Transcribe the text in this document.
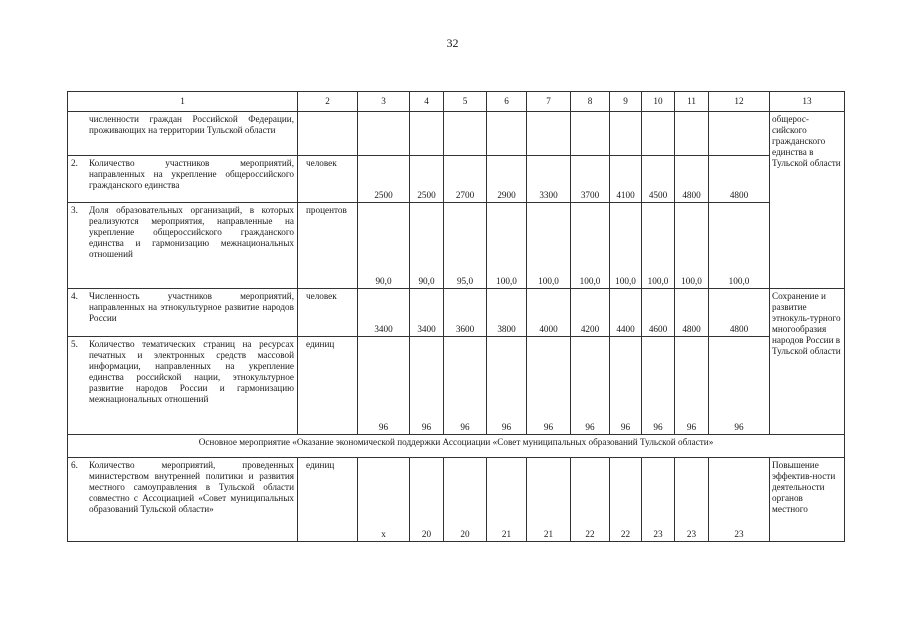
32
1	2	3	4	5	6	7	8	9	10	11	12	13

численности граждан Российской Федерации, проживающих на территории Тульской области												общерос-сийского гражданского единства в Тульской области

2. Количество участников мероприятий, направленных на укрепление общероссийского гражданского единства	человек	2500	2500	2700	2900	3300	3700	4100	4500	4800	4800	

3. Доля образовательных организаций, в которых реализуются мероприятия, направленные на укрепление общероссийского гражданского единства и гармонизацию межнациональных отношений	процентов	90,0	90,0	95,0	100,0	100,0	100,0	100,0	100,0	100,0	100,0	

4. Численность участников мероприятий, направленных на этнокультурное развитие народов России	человек	3400	3400	3600	3800	4000	4200	4400	4600	4800	4800	Сохранение и развитие этнокуль-турного многообразия народов России в Тульской области

5. Количество тематических страниц на ресурсах печатных и электронных средств массовой информации, направленных на укрепление единства российской нации, этнокультурное развитие народов России и гармонизацию межнациональных отношений	единиц	96	96	96	96	96	96	96	96	96	96	
Основное мероприятие «Оказание экономической поддержки Ассоциации «Совет муниципальных образований Тульской области»												

6. Количество мероприятий, проведенных министерством внутренней политики и развития местного самоуправления в Тульской области совместно с Ассоциацией «Совет муниципальных образований Тульской области»	единиц	х	20	20	21	21	22	22	23	23	23	Повышение эффектив-ности деятельности органов местного
